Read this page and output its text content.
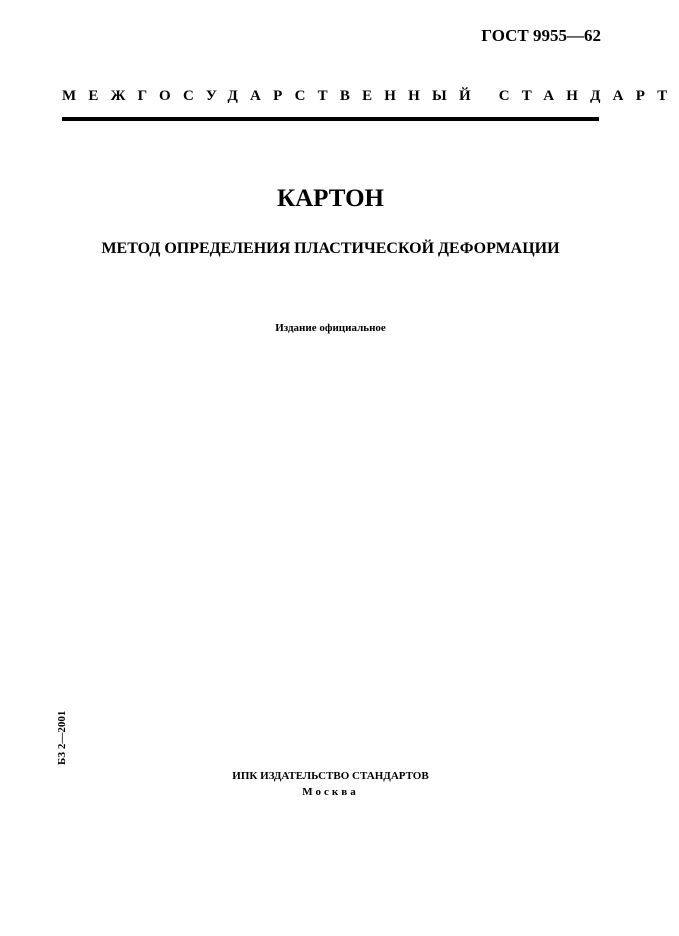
ГОСТ 9955—62
МЕЖГОСУДАРСТВЕННЫЙ СТАНДАРТ
КАРТОН
МЕТОД ОПРЕДЕЛЕНИЯ ПЛАСТИЧЕСКОЙ ДЕФОРМАЦИИ
Издание официальное
БЗ 2—2001
ИПК ИЗДАТЕЛЬСТВО СТАНДАРТОВ
Москва
